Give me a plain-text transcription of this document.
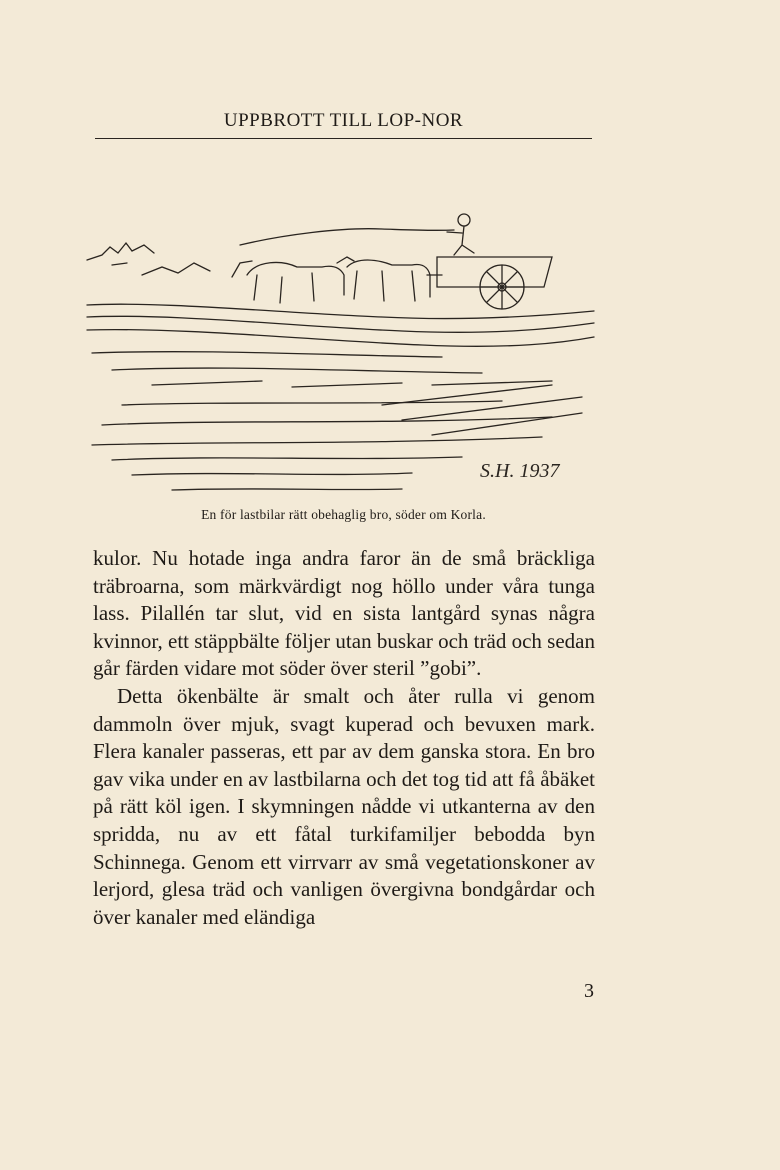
UPPBROTT TILL LOP-NOR
S.H. 1937
En för lastbilar rätt obehaglig bro, söder om Korla.

kulor. Nu hotade inga andra faror än de små bräckliga träbroarna, som märkvärdigt nog höllo under våra tunga lass. Pilallén tar slut, vid en sista lantgård synas några kvinnor, ett stäppbälte följer utan buskar och träd och sedan går färden vidare mot söder över steril ”gobi”.

Detta ökenbälte är smalt och åter rulla vi genom dammoln över mjuk, svagt kuperad och bevuxen mark. Flera kanaler passeras, ett par av dem ganska stora. En bro gav vika under en av lastbilarna och det tog tid att få åbäket på rätt köl igen. I skymningen nådde vi utkanterna av den spridda, nu av ett fåtal turkifamiljer bebodda byn Schinnega. Genom ett virrvarr av små vegetationskoner av lerjord, glesa träd och vanligen övergivna bondgårdar och över kanaler med eländiga

3
